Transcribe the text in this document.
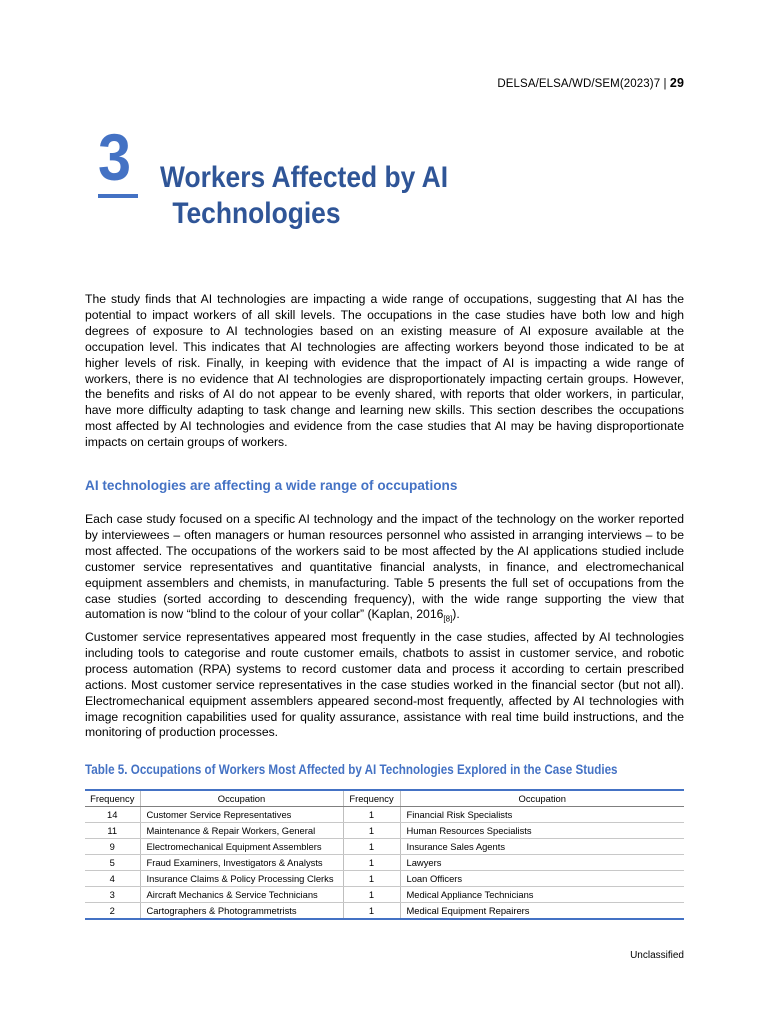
DELSA/ELSA/WD/SEM(2023)7 | 29
3 Workers Affected by AI
Technologies

The study finds that AI technologies are impacting a wide range of occupations, suggesting that AI has the potential to impact workers of all skill levels. The occupations in the case studies have both low and high degrees of exposure to AI technologies based on an existing measure of AI exposure available at the occupation level. This indicates that AI technologies are affecting workers beyond those indicated to be at higher levels of risk. Finally, in keeping with evidence that the impact of AI is impacting a wide range of workers, there is no evidence that AI technologies are disproportionately impacting certain groups. However, the benefits and risks of AI do not appear to be evenly shared, with reports that older workers, in particular, have more difficulty adapting to task change and learning new skills. This section describes the occupations most affected by AI technologies and evidence from the case studies that AI may be having disproportionate impacts on certain groups of workers.

AI technologies are affecting a wide range of occupations

Each case study focused on a specific AI technology and the impact of the technology on the worker reported by interviewees – often managers or human resources personnel who assisted in arranging interviews – to be most affected. The occupations of the workers said to be most affected by the AI applications studied include customer service representatives and quantitative financial analysts, in finance, and electromechanical equipment assemblers and chemists, in manufacturing. Table 5 presents the full set of occupations from the case studies (sorted according to descending frequency), with the wide range supporting the view that automation is now “blind to the colour of your collar” (Kaplan, $2016_{[8]}$).

Customer service representatives appeared most frequently in the case studies, affected by AI technologies including tools to categorise and route customer emails, chatbots to assist in customer service, and robotic process automation (RPA) systems to record customer data and process it according to certain prescribed actions. Most customer service representatives in the case studies worked in the financial sector (but not all). Electromechanical equipment assemblers appeared second-most frequently, affected by AI technologies with image recognition capabilities used for quality assurance, assistance with real time build instructions, and the monitoring of production processes.

Table 5. Occupations of Workers Most Affected by AI Technologies Explored in the Case Studies
Frequency	Occupation	Frequency	Occupation
14	Customer Service Representatives	1	Financial Risk Specialists
11	Maintenance & Repair Workers, General	1	Human Resources Specialists
9	Electromechanical Equipment Assemblers	1	Insurance Sales Agents
5	Fraud Examiners, Investigators & Analysts	1	Lawyers
4	Insurance Claims & Policy Processing Clerks	1	Loan Officers
3	Aircraft Mechanics & Service Technicians	1	Medical Appliance Technicians
2	Cartographers & Photogrammetrists	1	Medical Equipment Repairers
Unclassified
